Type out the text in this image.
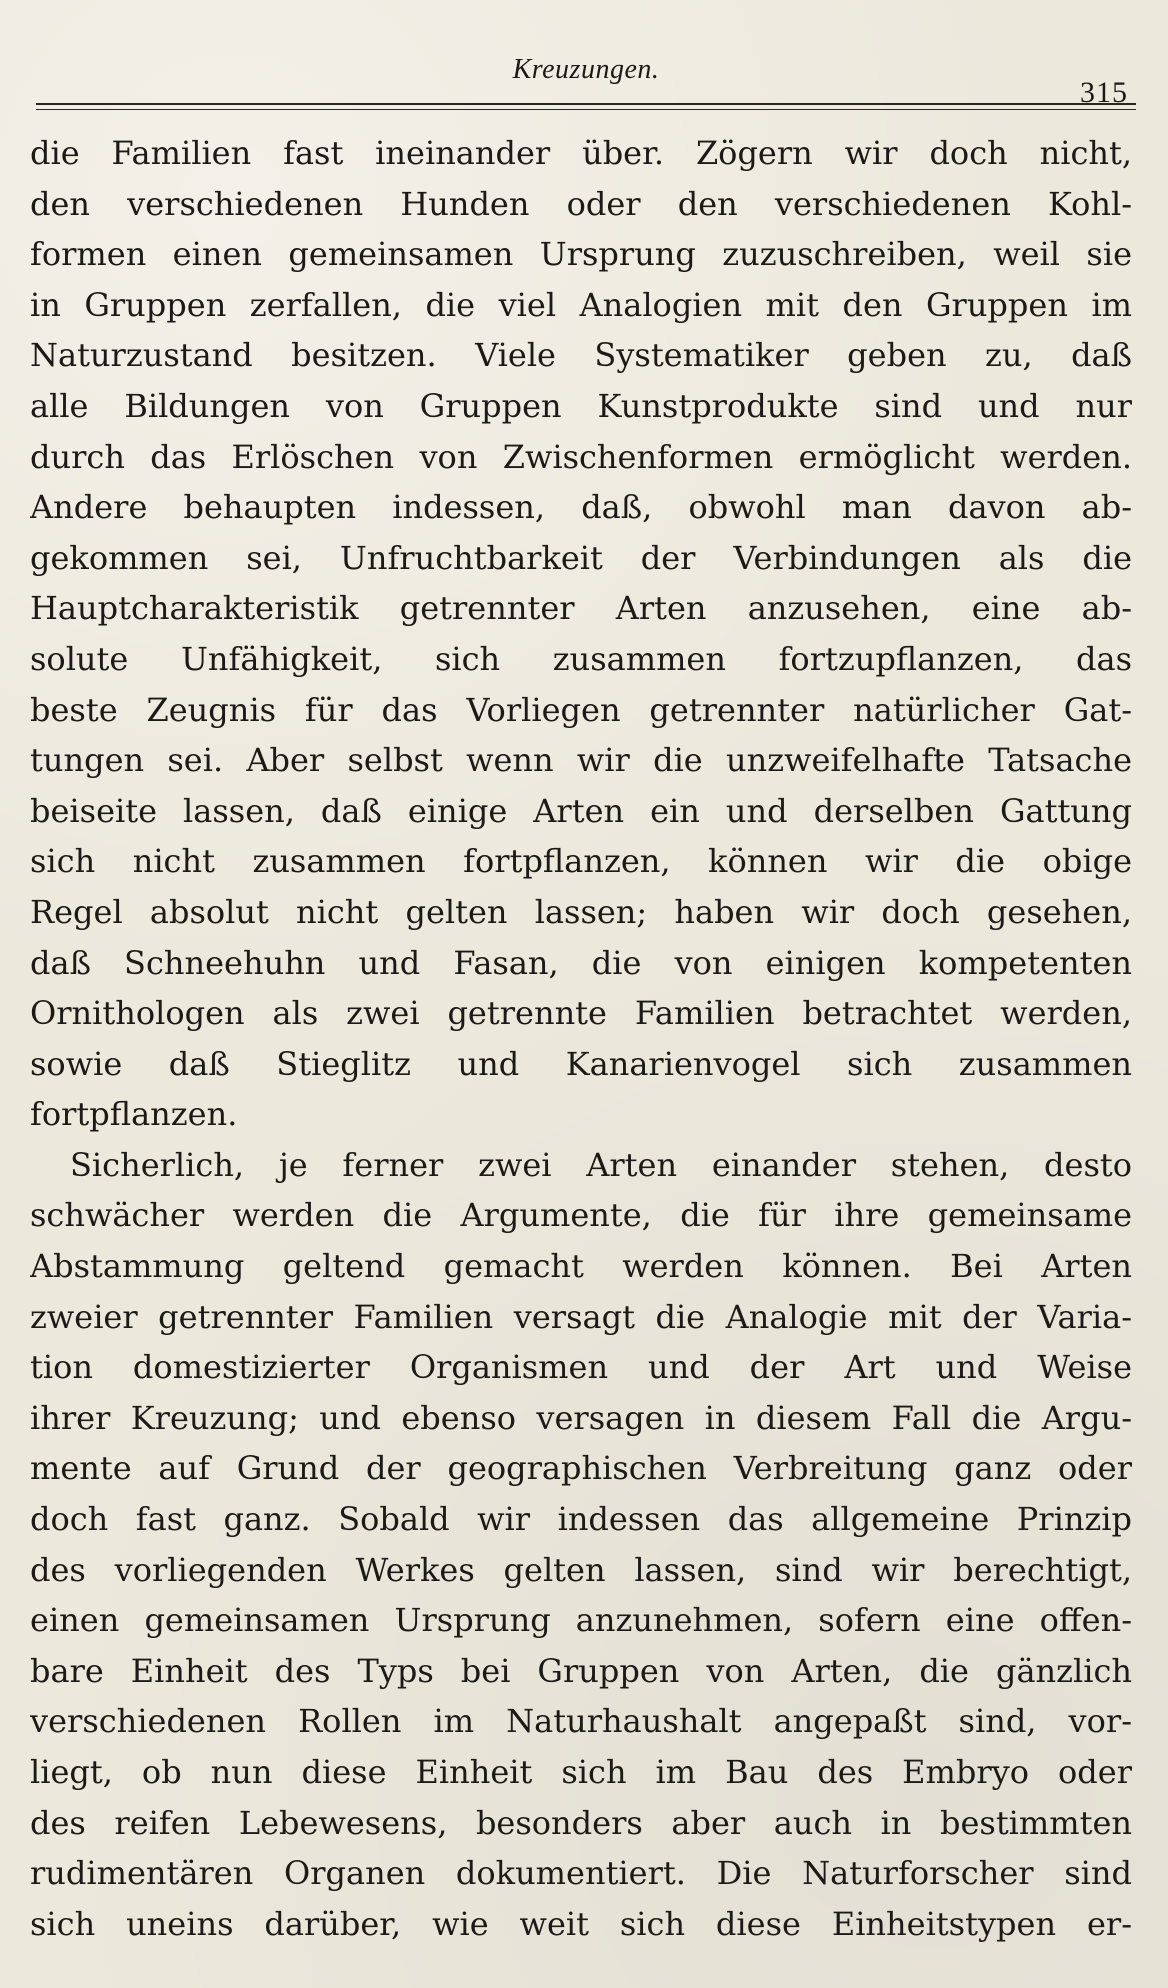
Kreuzungen.
315
die Familien fast ineinander über. Zögern wir doch nicht,
den verschiedenen Hunden oder den verschiedenen Kohl-
formen einen gemeinsamen Ursprung zuzuschreiben, weil sie
in Gruppen zerfallen, die viel Analogien mit den Gruppen im
Naturzustand besitzen. Viele Systematiker geben zu, daß
alle Bildungen von Gruppen Kunstprodukte sind und nur
durch das Erlöschen von Zwischenformen ermöglicht werden.
Andere behaupten indessen, daß, obwohl man davon ab-
gekommen sei, Unfruchtbarkeit der Verbindungen als die
Hauptcharakteristik getrennter Arten anzusehen, eine ab-
solute Unfähigkeit, sich zusammen fortzupflanzen, das
beste Zeugnis für das Vorliegen getrennter natürlicher Gat-
tungen sei. Aber selbst wenn wir die unzweifelhafte Tatsache
beiseite lassen, daß einige Arten ein und derselben Gattung
sich nicht zusammen fortpflanzen, können wir die obige
Regel absolut nicht gelten lassen; haben wir doch gesehen,
daß Schneehuhn und Fasan, die von einigen kompetenten
Ornithologen als zwei getrennte Familien betrachtet werden,
sowie daß Stieglitz und Kanarienvogel sich zusammen
fortpflanzen.
Sicherlich, je ferner zwei Arten einander stehen, desto
schwächer werden die Argumente, die für ihre gemeinsame
Abstammung geltend gemacht werden können. Bei Arten
zweier getrennter Familien versagt die Analogie mit der Varia-
tion domestizierter Organismen und der Art und Weise
ihrer Kreuzung; und ebenso versagen in diesem Fall die Argu-
mente auf Grund der geographischen Verbreitung ganz oder
doch fast ganz. Sobald wir indessen das allgemeine Prinzip
des vorliegenden Werkes gelten lassen, sind wir berechtigt,
einen gemeinsamen Ursprung anzunehmen, sofern eine offen-
bare Einheit des Typs bei Gruppen von Arten, die gänzlich
verschiedenen Rollen im Naturhaushalt angepaßt sind, vor-
liegt, ob nun diese Einheit sich im Bau des Embryo oder
des reifen Lebewesens, besonders aber auch in bestimmten
rudimentären Organen dokumentiert. Die Naturforscher sind
sich uneins darüber, wie weit sich diese Einheitstypen er-
